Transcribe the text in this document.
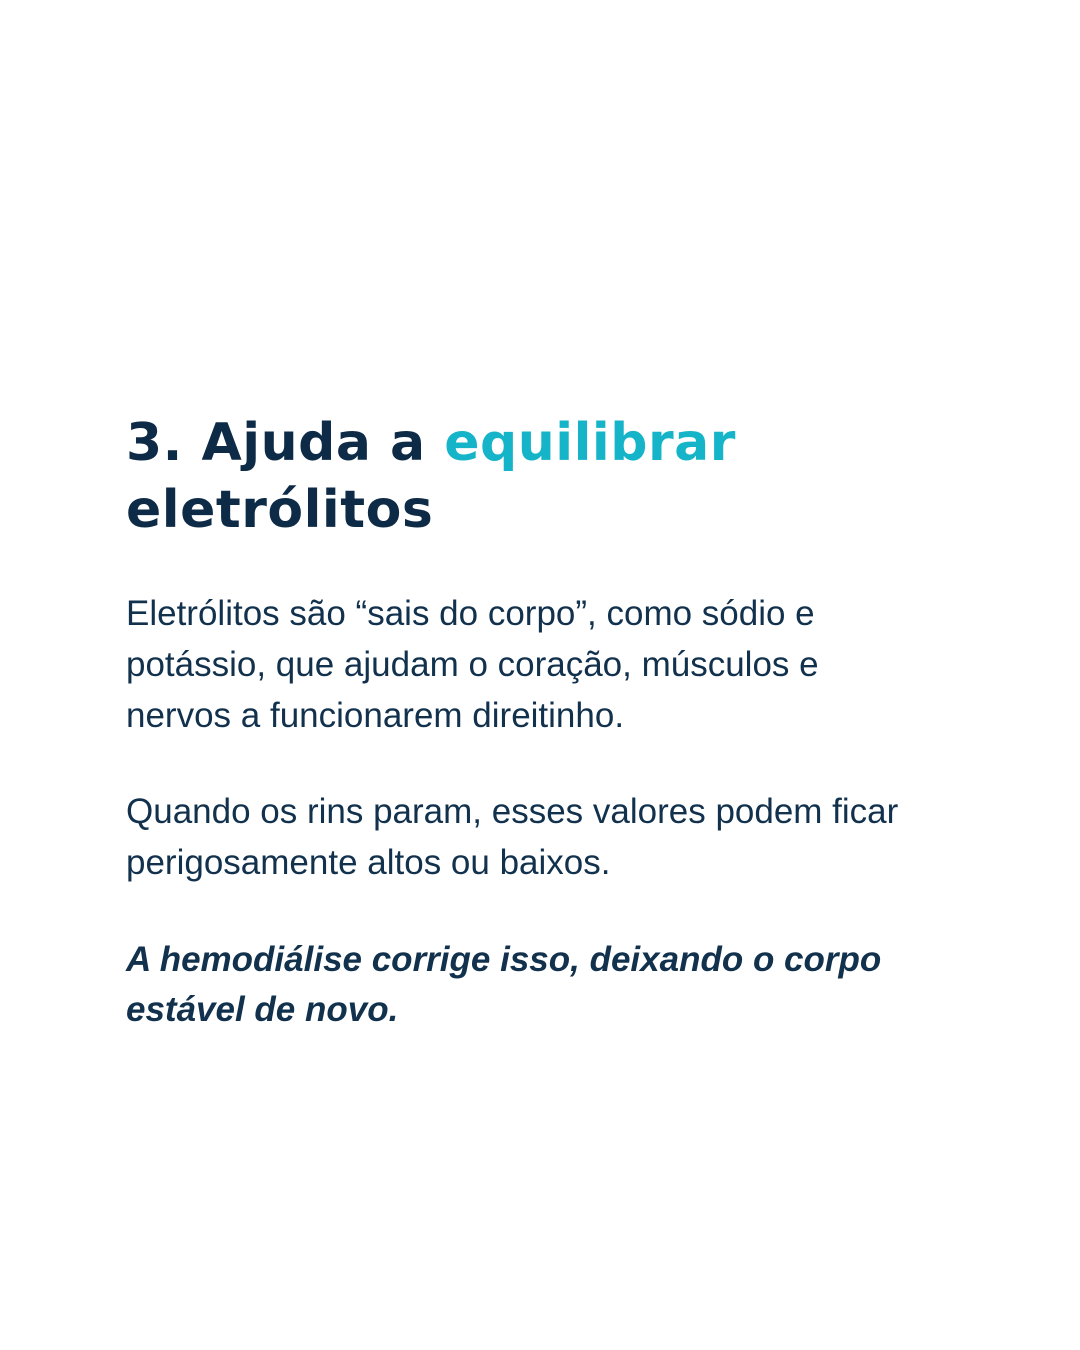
3. Ajuda a equilibrar
eletrólitos

Eletrólitos são “sais do corpo”, como sódio e potássio, que ajudam o coração, músculos e nervos a funcionarem direitinho.

Quando os rins param, esses valores podem ficar perigosamente altos ou baixos.

A hemodiálise corrige isso, deixando o corpo estável de novo.
